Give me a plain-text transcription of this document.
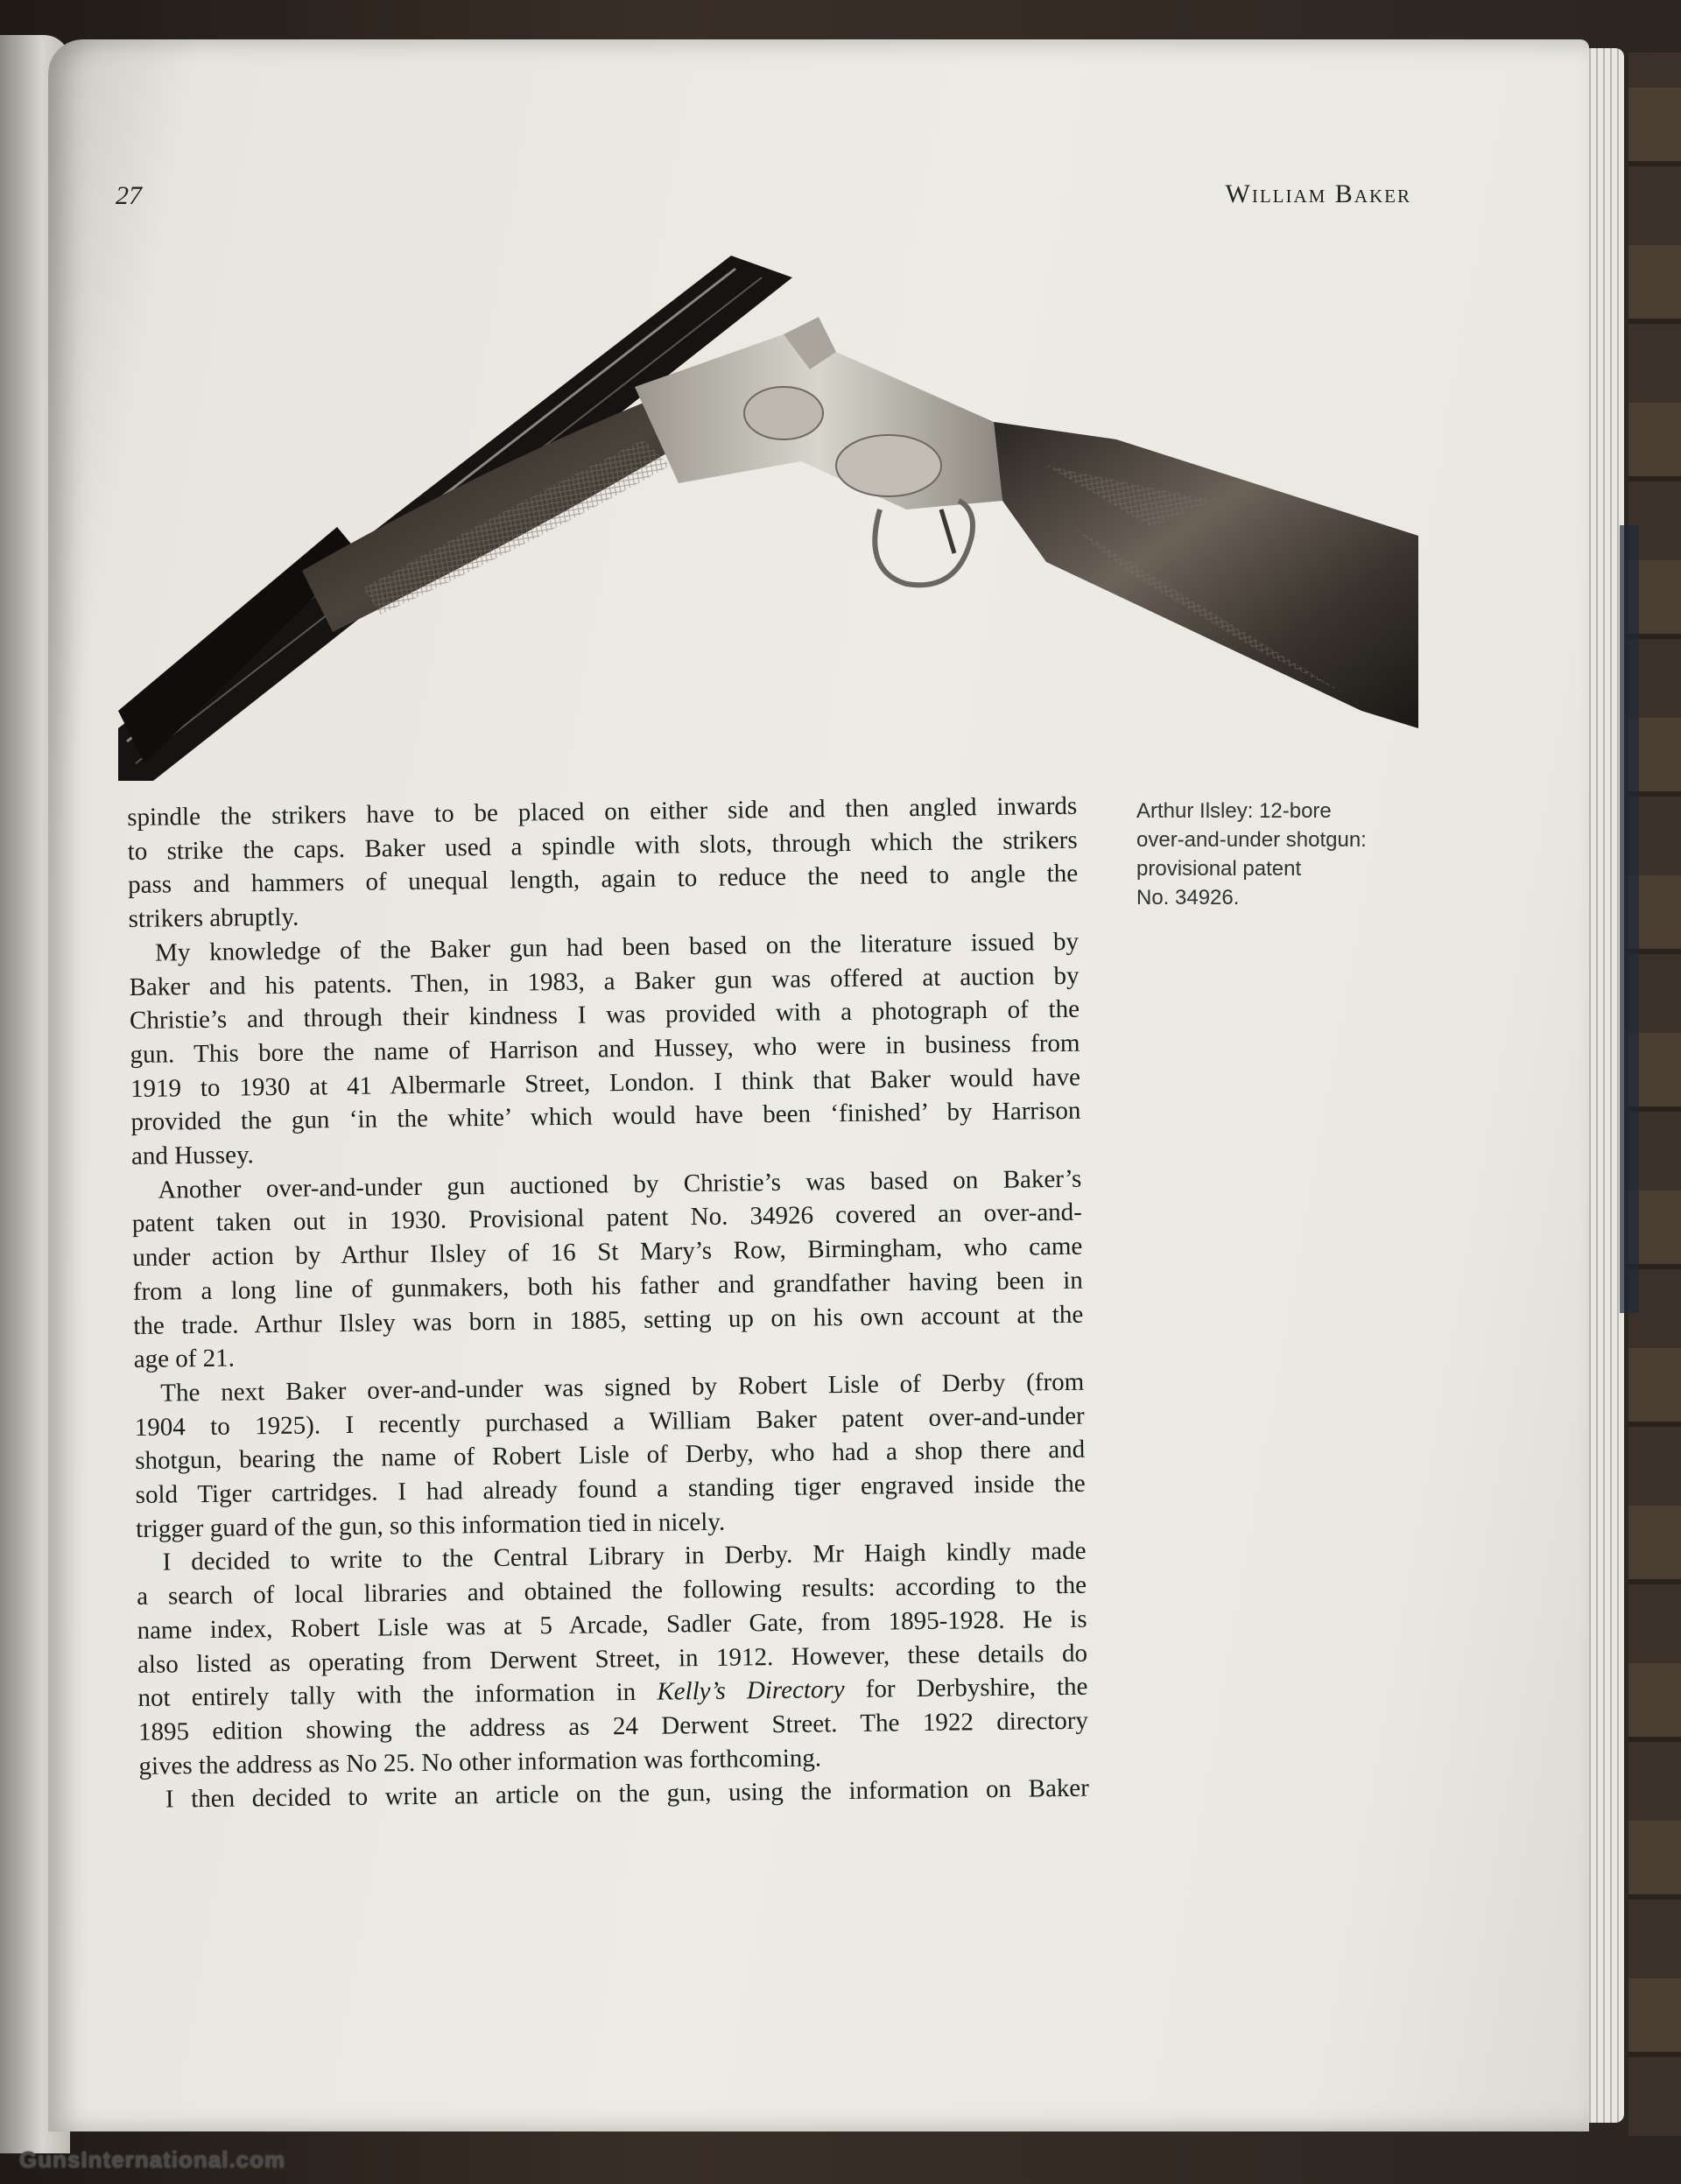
27	William Baker
Arthur Ilsley: 12-bore
over-and-under shotgun:
provisional patent
No. 34926.
spindle the strikers have to be placed on either side and then angled inwards
to strike the caps. Baker used a spindle with slots, through which the strikers
pass and hammers of unequal length, again to reduce the need to angle the
strikers abruptly.
My knowledge of the Baker gun had been based on the literature issued by
Baker and his patents. Then, in 1983, a Baker gun was offered at auction by
Christie’s and through their kindness I was provided with a photograph of the
gun. This bore the name of Harrison and Hussey, who were in business from
1919 to 1930 at 41 Albermarle Street, London. I think that Baker would have
provided the gun ‘in the white’ which would have been ‘finished’ by Harrison
and Hussey.
Another over-and-under gun auctioned by Christie’s was based on Baker’s
patent taken out in 1930. Provisional patent No. 34926 covered an over-and-
under action by Arthur Ilsley of 16 St Mary’s Row, Birmingham, who came
from a long line of gunmakers, both his father and grandfather having been in
the trade. Arthur Ilsley was born in 1885, setting up on his own account at the
age of 21.
The next Baker over-and-under was signed by Robert Lisle of Derby (from
1904 to 1925). I recently purchased a William Baker patent over-and-under
shotgun, bearing the name of Robert Lisle of Derby, who had a shop there and
sold Tiger cartridges. I had already found a standing tiger engraved inside the
trigger guard of the gun, so this information tied in nicely.
I decided to write to the Central Library in Derby. Mr Haigh kindly made
a search of local libraries and obtained the following results: according to the
name index, Robert Lisle was at 5 Arcade, Sadler Gate, from 1895-1928. He is
also listed as operating from Derwent Street, in 1912. However, these details do
not entirely tally with the information in Kelly’s Directory for Derbyshire, the
1895 edition showing the address as 24 Derwent Street. The 1922 directory
gives the address as No 25. No other information was forthcoming.
I then decided to write an article on the gun, using the information on Baker
GunsInternational.com
